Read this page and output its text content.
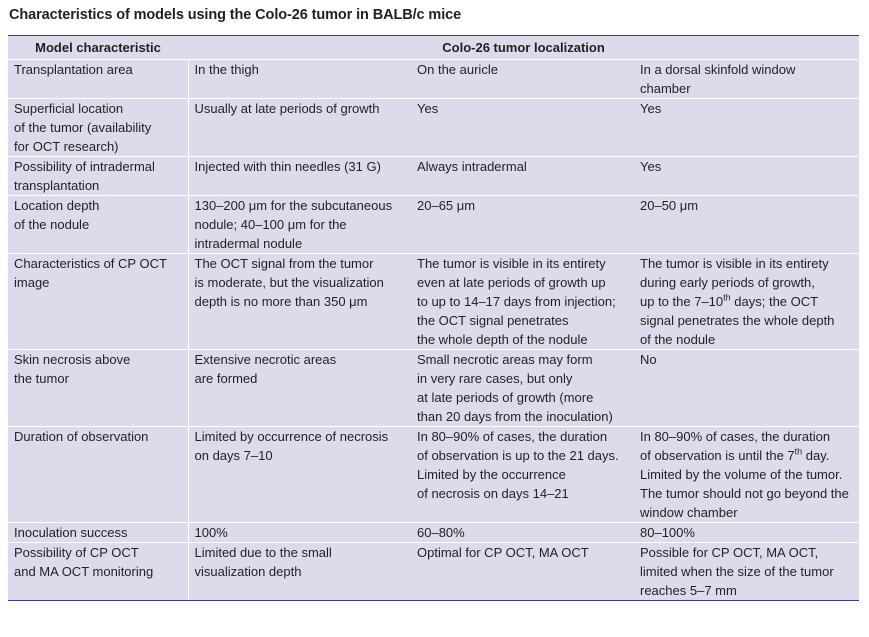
Characteristics of models using the Colo-26 tumor in BALB/c mice
Model characteristic	Colo-26 tumor localization		

Transplantation area	In the thigh	On the auricle	In a dorsal skinfold window
chamber

Superficial location
of the tumor (availability
for OCT research)	Usually at late periods of growth	Yes	Yes

Possibility of intradermal
transplantation	Injected with thin needles (31 G)	Always intradermal	Yes

Location depth
of the nodule	130–200 μm for the subcutaneous
nodule; 40–100 μm for the
intradermal nodule	20–65 μm	20–50 μm

Characteristics of CP OCT
image	The OCT signal from the tumor
is moderate, but the visualization
depth is no more than 350 μm	The tumor is visible in its entirety
even at late periods of growth up
to up to 14–17 days from injection;
the OCT signal penetrates
the whole depth of the nodule	The tumor is visible in its entirety
during early periods of growth,
up to the 7–10th days; the OCT
signal penetrates the whole depth
of the nodule

Skin necrosis above
the tumor	Extensive necrotic areas
are formed	Small necrotic areas may form
in very rare cases, but only
at late periods of growth (more
than 20 days from the inoculation)	No

Duration of observation	Limited by occurrence of necrosis
on days 7–10	In 80–90% of cases, the duration
of observation is up to the 21 days.
Limited by the occurrence
of necrosis on days 14–21	In 80–90% of cases, the duration
of observation is until the 7th day.
Limited by the volume of the tumor.
The tumor should not go beyond the
window chamber

Inoculation success	100%	60–80%	80–100%

Possibility of CP OCT
and MA OCT monitoring	Limited due to the small
visualization depth	Optimal for CP OCT, MA OCT	Possible for CP OCT, MA OCT,
limited when the size of the tumor
reaches 5–7 mm
